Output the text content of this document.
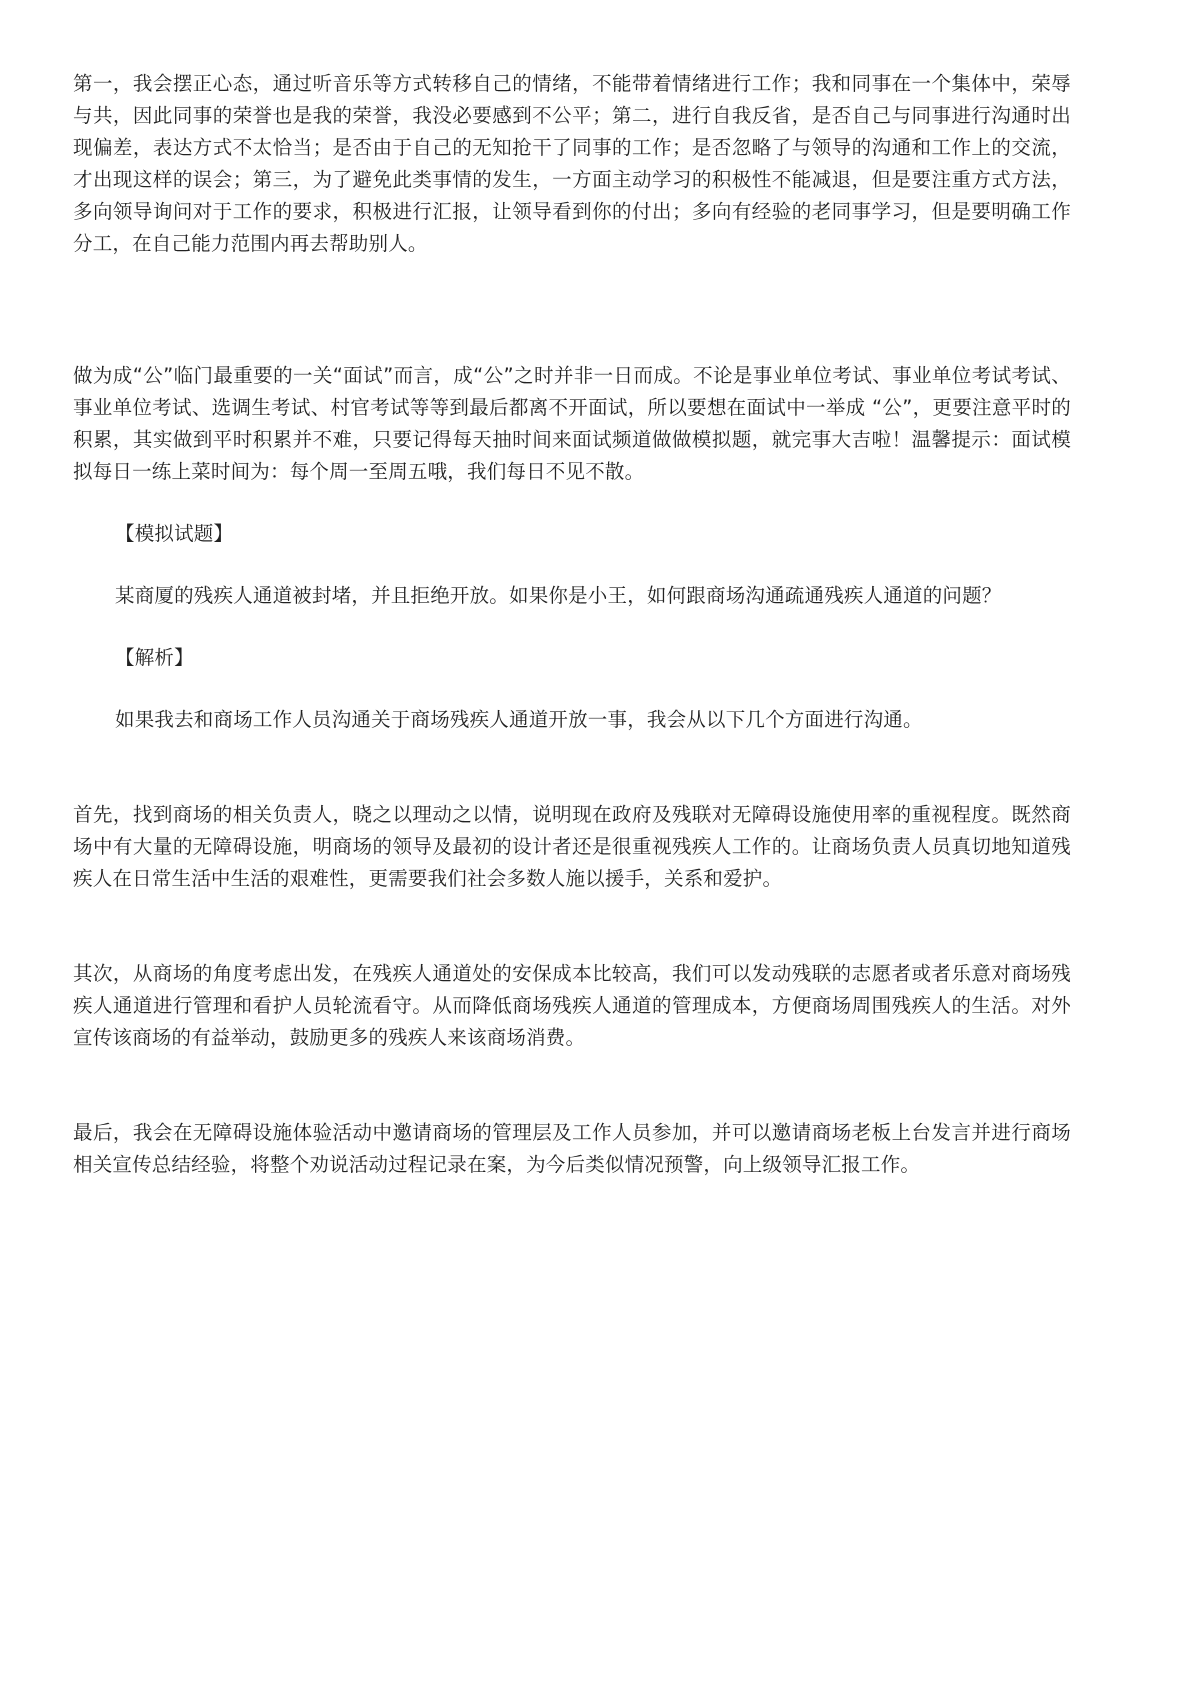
第一，我会摆正心态，通过听音乐等方式转移自己的情绪，不能带着情绪进行工作；我和同事在一个集体中，荣辱与共，因此同事的荣誉也是我的荣誉，我没必要感到不公平；第二，进行自我反省，是否自己与同事进行沟通时出现偏差，表达方式不太恰当；是否由于自己的无知抢干了同事的工作；是否忽略了与领导的沟通和工作上的交流，才出现这样的误会；第三，为了避免此类事情的发生，一方面主动学习的积极性不能减退，但是要注重方式方法，多向领导询问对于工作的要求，积极进行汇报，让领导看到你的付出；多向有经验的老同事学习，但是要明确工作分工，在自己能力范围内再去帮助别人。

做为成“公”临门最重要的一关“面试”而言，成“公”之时并非一日而成。不论是事业单位考试、事业单位考试考试、事业单位考试、选调生考试、村官考试等等到最后都离不开面试，所以要想在面试中一举成 “公”，更要注意平时的积累，其实做到平时积累并不难，只要记得每天抽时间来面试频道做做模拟题，就完事大吉啦！温馨提示：面试模拟每日一练上菜时间为：每个周一至周五哦，我们每日不见不散。

【模拟试题】

某商厦的残疾人通道被封堵，并且拒绝开放。如果你是小王，如何跟商场沟通疏通残疾人通道的问题？

【解析】

如果我去和商场工作人员沟通关于商场残疾人通道开放一事，我会从以下几个方面进行沟通。

首先，找到商场的相关负责人，晓之以理动之以情，说明现在政府及残联对无障碍设施使用率的重视程度。既然商场中有大量的无障碍设施，明商场的领导及最初的设计者还是很重视残疾人工作的。让商场负责人员真切地知道残疾人在日常生活中生活的艰难性，更需要我们社会多数人施以援手，关系和爱护。

其次，从商场的角度考虑出发，在残疾人通道处的安保成本比较高，我们可以发动残联的志愿者或者乐意对商场残疾人通道进行管理和看护人员轮流看守。从而降低商场残疾人通道的管理成本，方便商场周围残疾人的生活。对外宣传该商场的有益举动，鼓励更多的残疾人来该商场消费。

最后，我会在无障碍设施体验活动中邀请商场的管理层及工作人员参加，并可以邀请商场老板上台发言并进行商场相关宣传总结经验，将整个劝说活动过程记录在案，为今后类似情况预警，向上级领导汇报工作。
